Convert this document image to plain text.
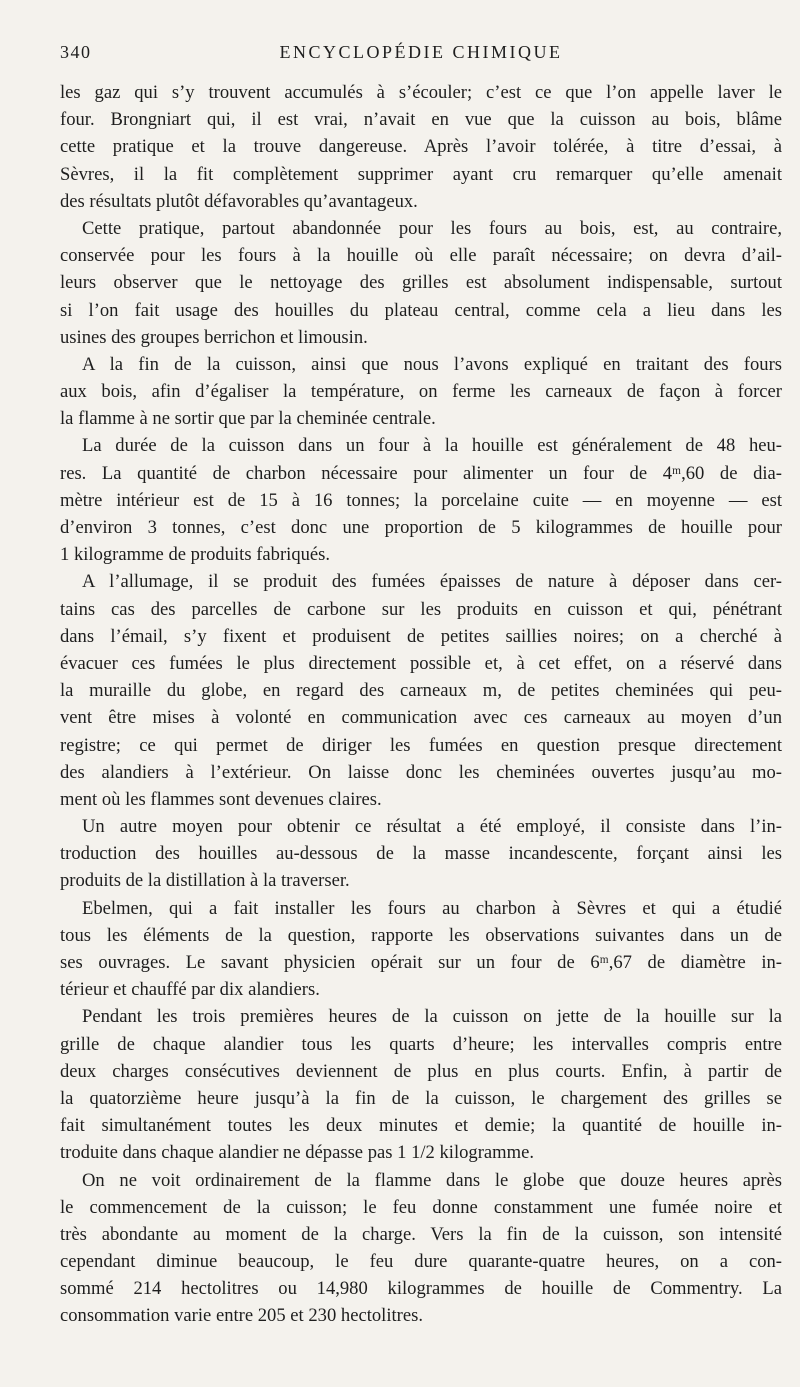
340	ENCYCLOPÉDIE CHIMIQUE
les gaz qui s’y trouvent accumulés à s’écouler; c’est ce que l’on appelle laver le
four. Brongniart qui, il est vrai, n’avait en vue que la cuisson au bois, blâme
cette pratique et la trouve dangereuse. Après l’avoir tolérée, à titre d’essai, à
Sèvres, il la fit complètement supprimer ayant cru remarquer qu’elle amenait
des résultats plutôt défavorables qu’avantageux.
Cette pratique, partout abandonnée pour les fours au bois, est, au contraire,
conservée pour les fours à la houille où elle paraît nécessaire; on devra d’ail-
leurs observer que le nettoyage des grilles est absolument indispensable, surtout
si l’on fait usage des houilles du plateau central, comme cela a lieu dans les
usines des groupes berrichon et limousin.
A la fin de la cuisson, ainsi que nous l’avons expliqué en traitant des fours
aux bois, afin d’égaliser la température, on ferme les carneaux de façon à forcer
la flamme à ne sortir que par la cheminée centrale.
La durée de la cuisson dans un four à la houille est généralement de 48 heu-
res. La quantité de charbon nécessaire pour alimenter un four de 4ᵐ,60 de dia-
mètre intérieur est de 15 à 16 tonnes; la porcelaine cuite — en moyenne — est
d’environ 3 tonnes, c’est donc une proportion de 5 kilogrammes de houille pour
1 kilogramme de produits fabriqués.
A l’allumage, il se produit des fumées épaisses de nature à déposer dans cer-
tains cas des parcelles de carbone sur les produits en cuisson et qui, pénétrant
dans l’émail, s’y fixent et produisent de petites saillies noires; on a cherché à
évacuer ces fumées le plus directement possible et, à cet effet, on a réservé dans
la muraille du globe, en regard des carneaux m, de petites cheminées qui peu-
vent être mises à volonté en communication avec ces carneaux au moyen d’un
registre; ce qui permet de diriger les fumées en question presque directement
des alandiers à l’extérieur. On laisse donc les cheminées ouvertes jusqu’au mo-
ment où les flammes sont devenues claires.
Un autre moyen pour obtenir ce résultat a été employé, il consiste dans l’in-
troduction des houilles au-dessous de la masse incandescente, forçant ainsi les
produits de la distillation à la traverser.
Ebelmen, qui a fait installer les fours au charbon à Sèvres et qui a étudié
tous les éléments de la question, rapporte les observations suivantes dans un de
ses ouvrages. Le savant physicien opérait sur un four de 6ᵐ,67 de diamètre in-
térieur et chauffé par dix alandiers.
Pendant les trois premières heures de la cuisson on jette de la houille sur la
grille de chaque alandier tous les quarts d’heure; les intervalles compris entre
deux charges consécutives deviennent de plus en plus courts. Enfin, à partir de
la quatorzième heure jusqu’à la fin de la cuisson, le chargement des grilles se
fait simultanément toutes les deux minutes et demie; la quantité de houille in-
troduite dans chaque alandier ne dépasse pas 1 1/2 kilogramme.
On ne voit ordinairement de la flamme dans le globe que douze heures après
le commencement de la cuisson; le feu donne constamment une fumée noire et
très abondante au moment de la charge. Vers la fin de la cuisson, son intensité
cependant diminue beaucoup, le feu dure quarante-quatre heures, on a con-
sommé 214 hectolitres ou 14,980 kilogrammes de houille de Commentry. La
consommation varie entre 205 et 230 hectolitres.
